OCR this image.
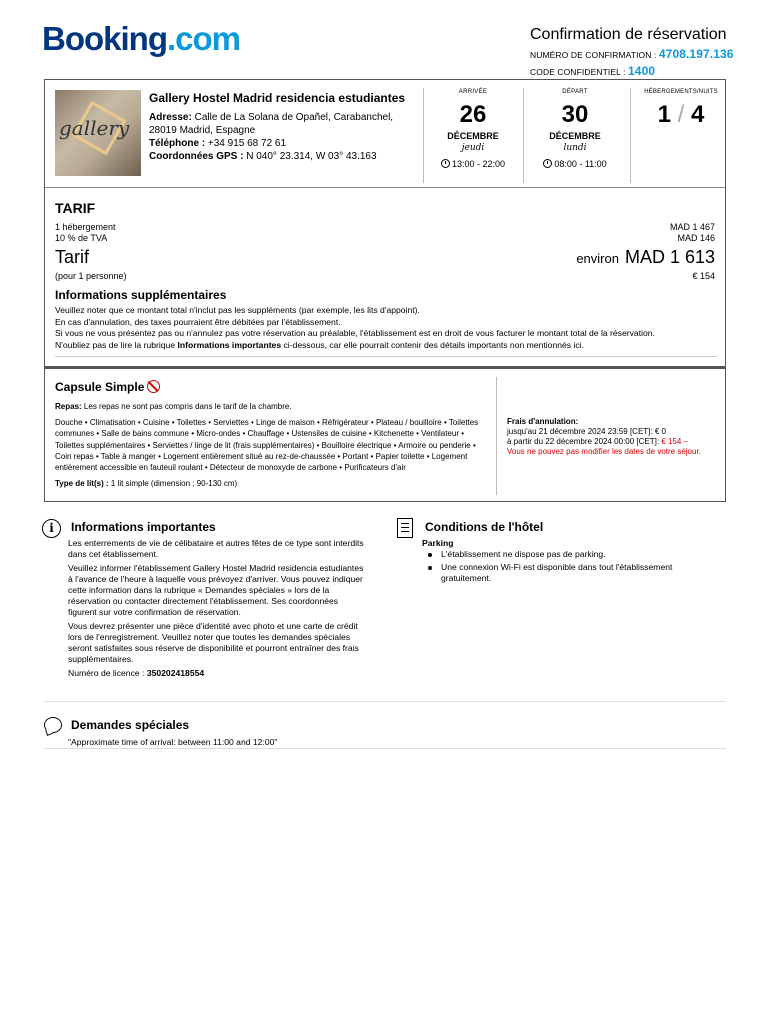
Booking.com	Confirmation de réservation
NUMÉRO DE CONFIRMATION : 4708.197.136
CODE CONFIDENTIEL : 1400
gallery
Gallery Hostel Madrid residencia estudiantes
Adresse: Calle de La Solana de Opañel, Carabanchel, 28019 Madrid, Espagne
Téléphone : +34 915 68 72 61
Coordonnées GPS : N 040° 23.314, W 03° 43.163
ARRIVÉE
26
DÉCEMBRE
jeudi
13:00 - 22:00
DÉPART
30
DÉCEMBRE
lundi
08:00 - 11:00
HÉBERGEMENTS/NUITS
1 / 4
TARIF
1 hébergement	MAD 1 467
10 % de TVA	MAD 146
Tarif	environ MAD 1 613
(pour 1 personne)	€ 154
Informations supplémentaires
Veuillez noter que ce montant total n'inclut pas les suppléments (par exemple, les lits d'appoint).
En cas d'annulation, des taxes pourraient être débitées par l'établissement.
Si vous ne vous présentez pas ou n'annulez pas votre réservation au préalable, l'établissement est en droit de vous facturer le montant total de la réservation.
N'oubliez pas de lire la rubrique Informations importantes ci-dessous, car elle pourrait contenir des détails importants non mentionnés ici.
Capsule Simple
Repas: Les repas ne sont pas compris dans le tarif de la chambre.
Douche • Climatisation • Cuisine • Toilettes • Serviettes • Linge de maison • Réfrigérateur • Plateau / bouilloire • Toilettes communes • Salle de bains commune • Micro-ondes • Chauffage • Ustensiles de cuisine • Kitchenette • Ventilateur • Toilettes supplémentaires • Serviettes / linge de lit (frais supplémentaires) • Bouilloire électrique • Armoire ou penderie • Coin repas • Table à manger • Logement entièrement situé au rez-de-chaussée • Portant • Papier toilette • Logement entièrement accessible en fauteuil roulant • Détecteur de monoxyde de carbone • Purificateurs d'air
Type de lit(s) : 1 lit simple (dimension : 90-130 cm)
Frais d'annulation:
jusqu'au 21 décembre 2024 23:59 [CET]: € 0
à partir du 22 décembre 2024 00:00 [CET]: € 154 –
Vous ne pouvez pas modifier les dates de votre séjour.
i	Informations importantes

Les enterrements de vie de célibataire et autres fêtes de ce type sont interdits dans cet établissement.

Veuillez informer l'établissement Gallery Hostel Madrid residencia estudiantes à l'avance de l'heure à laquelle vous prévoyez d'arriver. Vous pouvez indiquer cette information dans la rubrique « Demandes spéciales » lors de la réservation ou contacter directement l'établissement. Ses coordonnées figurent sur votre confirmation de réservation.

Vous devrez présenter une pièce d'identité avec photo et une carte de crédit lors de l'enregistrement. Veuillez noter que toutes les demandes spéciales seront satisfaites sous réserve de disponibilité et pourront entraîner des frais supplémentaires.

Numéro de licence : 350202418554

Conditions de l'hôtel
Parking
L'établissement ne dispose pas de parking.
Une connexion Wi-Fi est disponible dans tout l'établissement gratuitement.
Demandes spéciales
"Approximate time of arrival: between 11:00 and 12:00"
